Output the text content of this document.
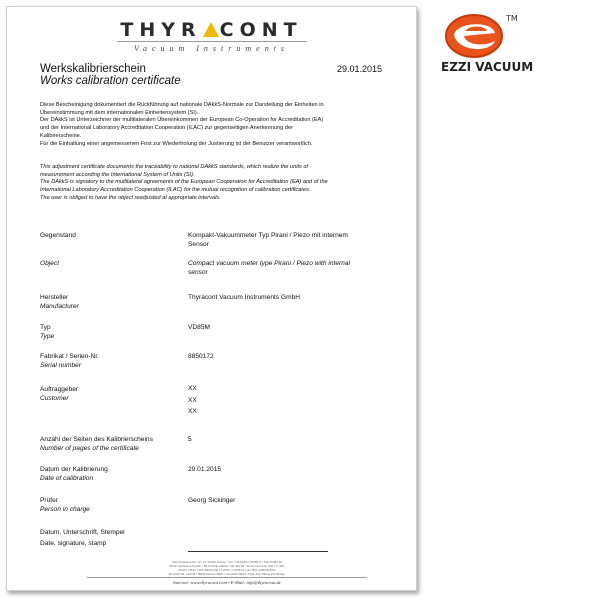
THYR CONT
Vacuum Instruments
Werkskalibrierschein
Works calibration certificate
29.01.2015
Diese Bescheinigung dokumentiert die Rückführung auf nationale DAkkS-Normale zur Darstellung der Einheiten in
Übereinstimmung mit dem internationalen Einheitensystem (SI).
Der DAkkS ist Unterzeichner der multilateralen Übereinkommen der European Co-Operation for Accreditation (EA)
und der International Laboratory Accreditation Cooperation (ILAC) zur gegenseitigen Anerkennung der
Kalibrierscheine.
Für die Einhaltung einer angemessenen Frist zur Wiederholung der Justierung ist der Benutzer verantwortlich.
This adjustment certificate documents the traceability to national DAkkS standards, which realize the units of
measurement according the International System of Units (SI).
The DAkkS is signatory to the multilateral agreements of the European Cooperation for Accreditation (EA) and of the
International Laboratory Accreditation Cooperation (ILAC) for the mutual recognition of calibration certificates.
The user is obliged to have the object readjusted at appropriate intervals.
Gegenstand	Kompakt-Vakuummeter Typ Pirani / Piezo mit internem
Sensor
Object	Compact vacuum meter type Pirani / Piezo with internal
sensor
Hersteller
Manufacturer
Thyracont Vacuum Instruments GmbH
Typ
Type
VD85M
Fabrikat / Serien-Nr.
Serial number
8850172
Auftraggeber
Customer
XX
XX
XX
Anzahl der Seiten des Kalibrierscheins
Number of pages of the certificate
5
Datum der Kalibrierung
Date of calibration
29.01.2015
Prüfer
Person in charge
Georg Sickinger
Datum, Unterschrift, Stempel
Date, signature, stamp
Max-Emanuel-Str. 10 • D- 94036 Passau • Tel. +49 (0)851 95986-0 • Fax 95986-40
Bank: Sparkasse Passau • BLZ/bank number 740 500 00 • Konto/account: 240 171 983
IBAN: DE42 7405 0000 0240 1719 83 • SWIFT-Code: BYLADEM1PAS
Rechtsform: GmbH • HRB Passau: 4999 • Geschäftsführer: Dipl.-Ing. Heinz Plechinger
Internet: www.thyracont.com • E-Mail: info@thyracont.de
TM
EZZI VACUUM
